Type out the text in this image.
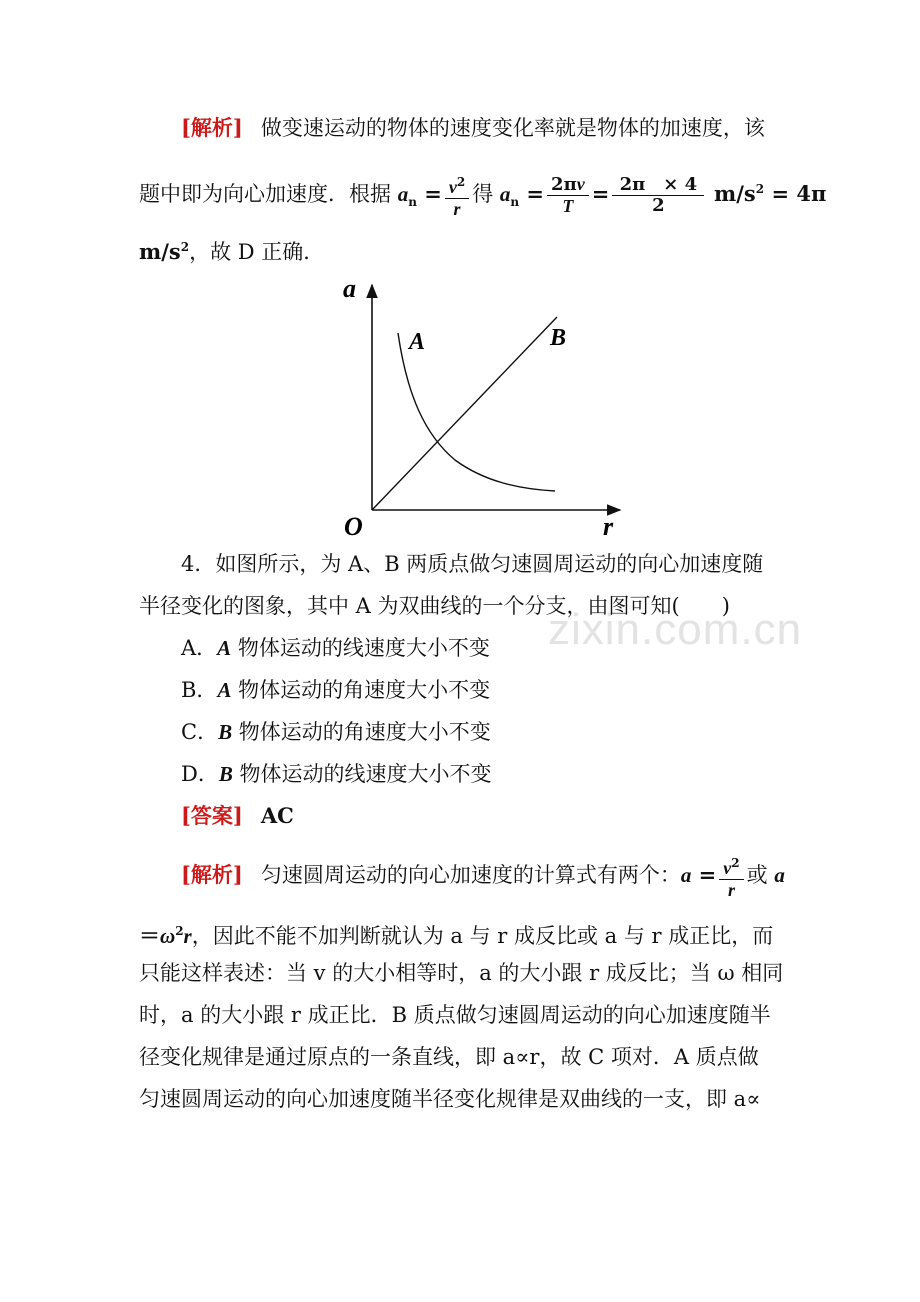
zixin.com.cn
[解析] 做变速运动的物体的速度变化率就是物体的加速度，该
题中即为向心加速度．根据 $a_n = \frac{v^2}{r}$ 得 $a_n = \frac{2\pi v}{T} = \frac{2\pi \times 4}{2} m/s^2 = 4\pi$
$m/s^2$，故 D 正确．
a
r
O
A	B
4．如图所示，为 A、B 两质点做匀速圆周运动的向心加速度随
半径变化的图象，其中 A 为双曲线的一个分支，由图可知(　　)
A．A 物体运动的线速度大小不变
B．A 物体运动的角速度大小不变
C．B 物体运动的角速度大小不变
D．B 物体运动的线速度大小不变
[答案] AC
[解析] 匀速圆周运动的向心加速度的计算式有两个：$a = \frac{v^2}{r}$ 或 a
$=\omega^2r$，因此不能不加判断就认为 a 与 r 成反比或 a 与 r 成正比，而
只能这样表述：当 v 的大小相等时，a 的大小跟 r 成反比；当 ω 相同
时，a 的大小跟 r 成正比．B 质点做匀速圆周运动的向心加速度随半
径变化规律是通过原点的一条直线，即 a∝r，故 C 项对．A 质点做
匀速圆周运动的向心加速度随半径变化规律是双曲线的一支，即 a∝
